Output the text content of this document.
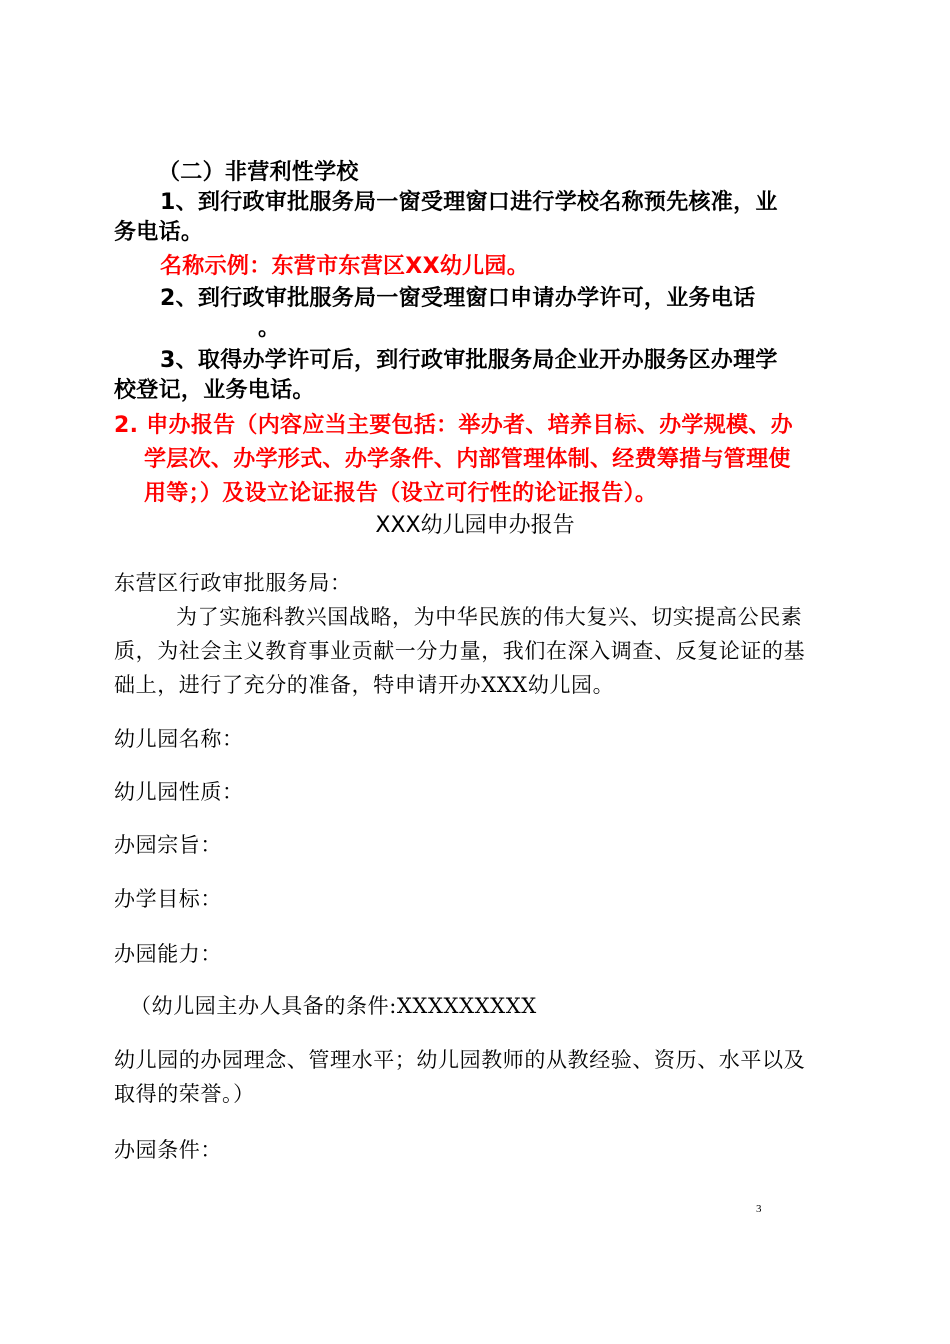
（二）非营利性学校
1、到行政审批服务局一窗受理窗口进行学校名称预先核准，业
务电话。
名称示例：东营市东营区XX幼儿园。
2、到行政审批服务局一窗受理窗口申请办学许可，业务电话
。
3、取得办学许可后，到行政审批服务局企业开办服务区办理学
校登记，业务电话。
2. 申办报告（内容应当主要包括：举办者、培养目标、办学规模、办
学层次、办学形式、办学条件、内部管理体制、经费筹措与管理使
用等；）及设立论证报告（设立可行性的论证报告）。
XXX幼儿园申办报告
东营区行政审批服务局：
为了实施科教兴国战略，为中华民族的伟大复兴、切实提高公民素
质，为社会主义教育事业贡献一分力量，我们在深入调查、反复论证的基
础上，进行了充分的准备，特申请开办XXX幼儿园。
幼儿园名称：
幼儿园性质：
办园宗旨：
办学目标：
办园能力：
（幼儿园主办人具备的条件:XXXXXXXXX
幼儿园的办园理念、管理水平；幼儿园教师的从教经验、资历、水平以及
取得的荣誉。）
办园条件：
3
